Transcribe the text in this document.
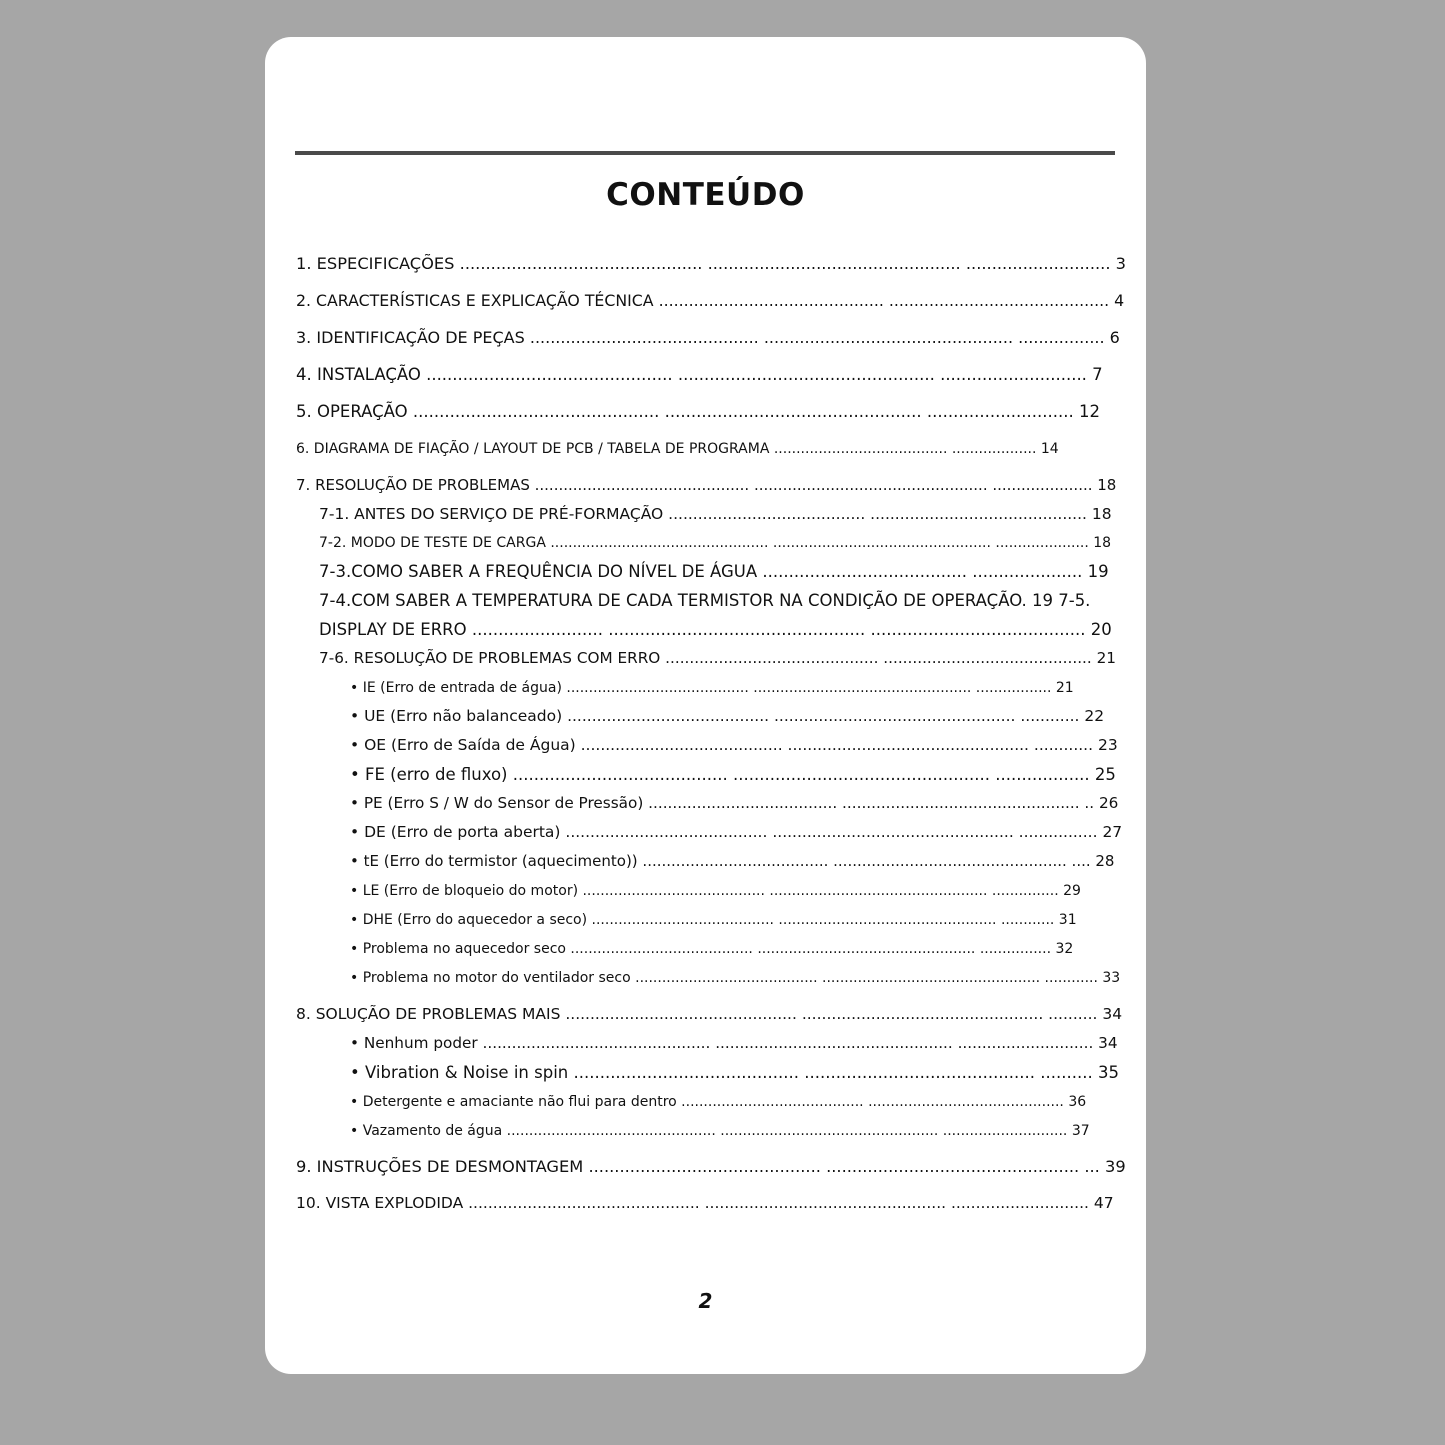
CONTEÚDO
1. ESPECIFICAÇÕES ............................................... ................................................. ............................ 3
2. CARACTERÍSTICAS E EXPLICAÇÃO TÉCNICA ............................................. ............................................ 4
3. IDENTIFICAÇÃO DE PEÇAS ............................................. ................................................. ................. 6
4. INSTALAÇÃO ............................................... ................................................. ............................ 7
5. OPERAÇÃO ............................................... ................................................. ............................ 12
6. DIAGRAMA DE FIAÇÃO / LAYOUT DE PCB / TABELA DE PROGRAMA ....................................... ................... 14
7. RESOLUÇÃO DE PROBLEMAS ............................................. ................................................. ..................... 18
7-1. ANTES DO SERVIÇO DE PRÉ-FORMAÇÃO ........................................ ............................................ 18
7-2. MODO DE TESTE DE CARGA ................................................. ................................................. ..................... 18
7-3.COMO SABER A FREQUÊNCIA DO NÍVEL DE ÁGUA ....................................... ..................... 19
7-4.COM SABER A TEMPERATURA DE CADA TERMISTOR NA CONDIÇÃO DE OPERAÇÃO. 19 7-5.
DISPLAY DE ERRO ......................... ................................................. ......................................... 20
7-6. RESOLUÇÃO DE PROBLEMAS COM ERRO ............................................ ........................................... 21
• IE (Erro de entrada de água) ......................................... ................................................. ................. 21
• UE (Erro não balanceado) ......................................... ................................................. ............ 22
• OE (Erro de Saída de Água) ......................................... ................................................. ............ 23
• FE (erro de fluxo) ......................................... ................................................. .................. 25
• PE (Erro S / W do Sensor de Pressão) ....................................... ................................................. .. 26
• DE (Erro de porta aberta) ......................................... ................................................. ................ 27
• tE (Erro do termistor (aquecimento)) ....................................... ................................................. .... 28
• LE (Erro de bloqueio do motor) ......................................... ................................................. ............... 29
• DHE (Erro do aquecedor a seco) ......................................... ................................................. ............ 31
• Problema no aquecedor seco ......................................... ................................................. ................ 32
• Problema no motor do ventilador seco ......................................... ................................................. ............ 33
8. SOLUÇÃO DE PROBLEMAS MAIS ............................................... ................................................. .......... 34
• Nenhum poder ............................................... ................................................. ............................ 34
• Vibration & Noise in spin ........................................... ............................................ .......... 35
• Detergente e amaciante não flui para dentro ......................................... ............................................ 36
• Vazamento de água ............................................... ................................................. ............................ 37
9. INSTRUÇÕES DE DESMONTAGEM ............................................. ................................................. ... 39
10. VISTA EXPLODIDA ............................................... ................................................. ............................ 47
2
